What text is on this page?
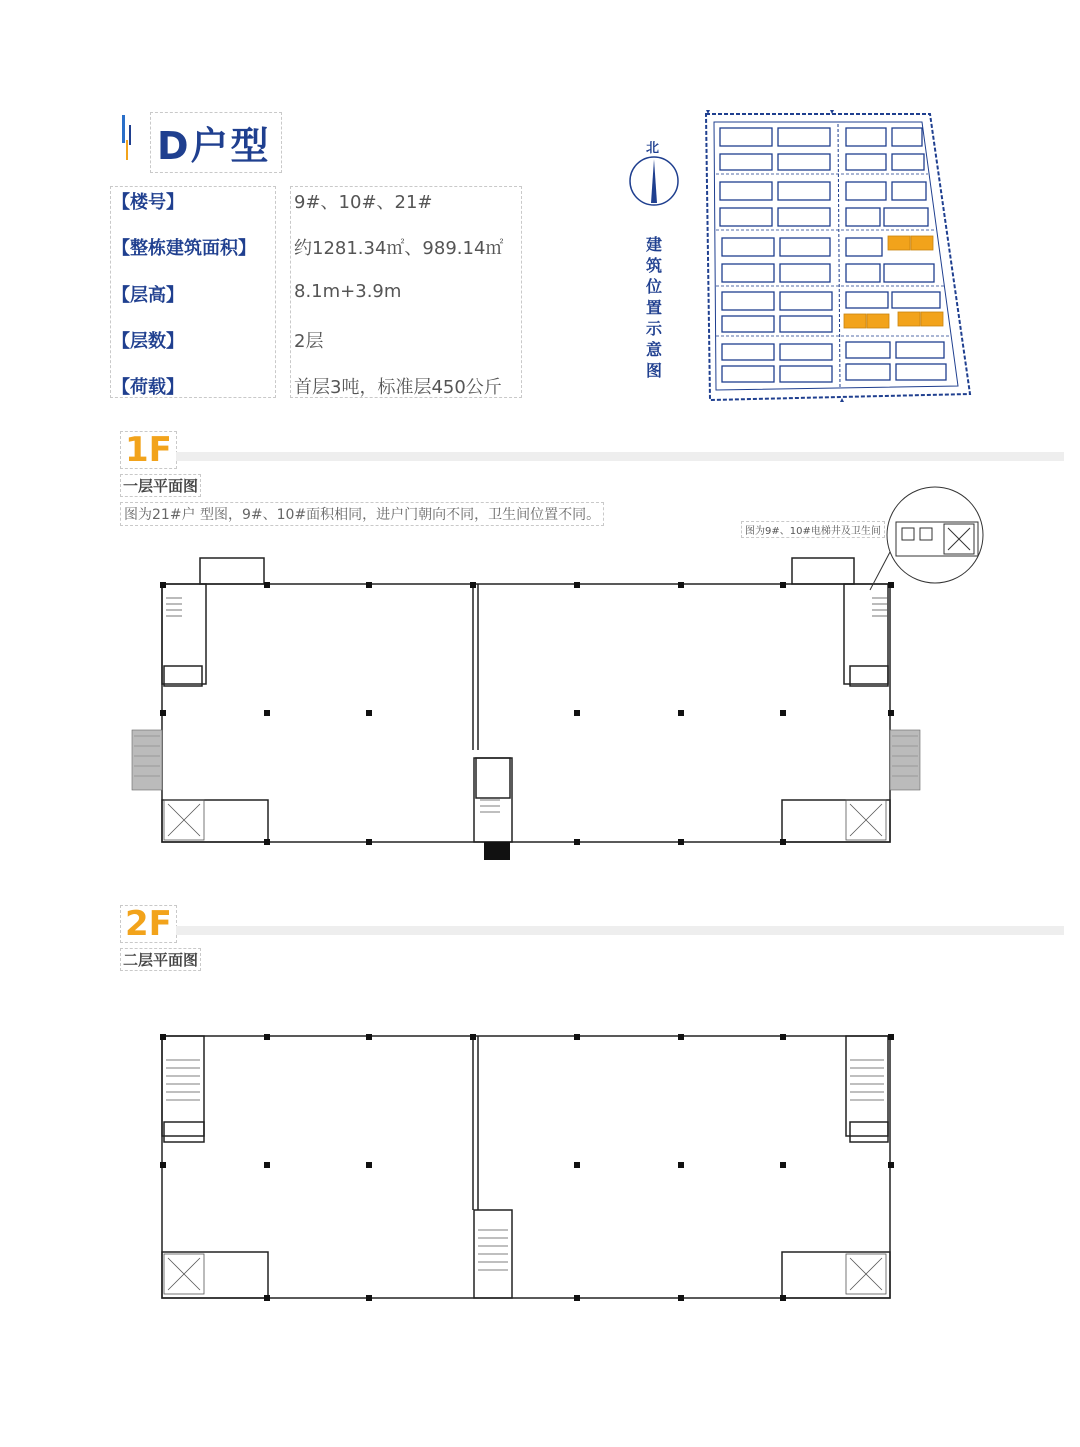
D户型
【楼号】	9#、10#、21#
【整栋建筑面积】 约1281.34㎡、989.14㎡
【层高】	8.1m+3.9m
【层数】	2层
【荷载】	首层3吨，标准层450公斤
北
建
筑
位
置
示
意
图
1F
一层平面图
图为21#户 型图，9#、10#面积相同，进户门朝向不同，卫生间位置不同。
图为9#、10#电梯井及卫生间
2F
二层平面图
